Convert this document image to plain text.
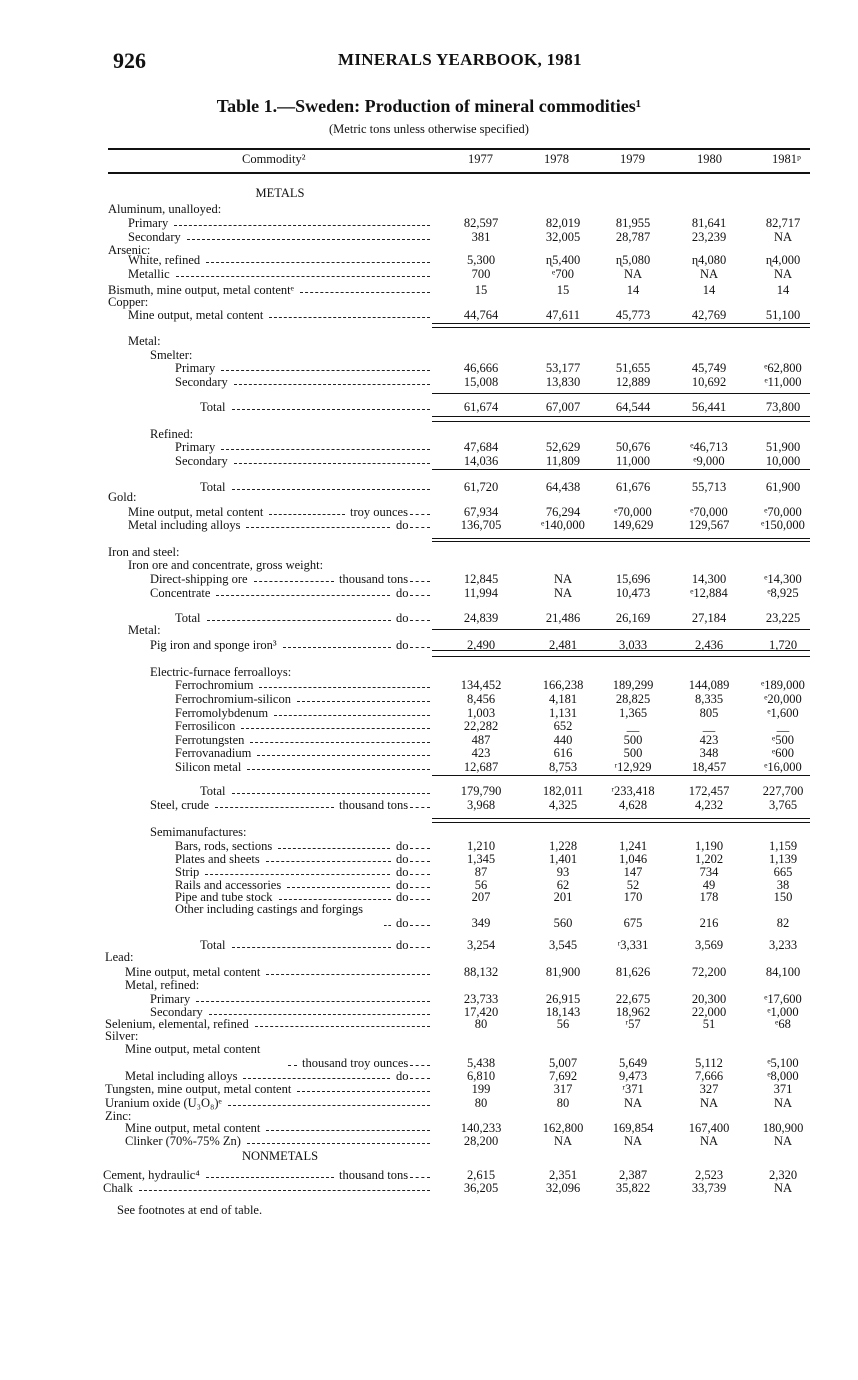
926	MINERALS YEARBOOK, 1981
Table 1.—Sweden: Production of mineral commodities¹
(Metric tons unless otherwise specified)
Commodity²	1977	1978	1979	1980	1981ᵖ
METALS
Aluminum, unalloyed:
Primary	82,597	82,019	81,955	81,641	82,717
Secondary	381	32,005	28,787	23,239	NA
Arsenic:
White, refined	5,300	ɳ5,400	ɳ5,080	ɳ4,080	ɳ4,000
Metallic	700	ᵉ700	NA	NA	NA
Bismuth, mine output, metal contentᵉ	15	15	14	14	14
Copper:
Mine output, metal content	44,764	47,611	45,773	42,769	51,100
Metal:
Smelter:
Primary	46,666	53,177	51,655	45,749	ᵉ62,800
Secondary	15,008	13,830	12,889	10,692	ᵉ11,000
Total	61,674	67,007	64,544	56,441	73,800
Refined:
Primary	47,684	52,629	50,676	ᵉ46,713	51,900
Secondary	14,036	11,809	11,000	ᵉ9,000	10,000
Total	61,720	64,438	61,676	55,713	61,900
Gold:
Mine output, metal content	troy ounces	67,934	76,294	ᵉ70,000	ᵉ70,000	ᵉ70,000
Metal including alloys	do	136,705	ᵉ140,000	149,629	129,567	ᵉ150,000
Iron and steel:
Iron ore and concentrate, gross weight:
Direct-shipping ore	thousand tons	12,845	NA	15,696	14,300	ᵉ14,300
Concentrate	do	11,994	NA	10,473	ᵉ12,884	ᵉ8,925
Total	do	24,839	21,486	26,169	27,184	23,225
Metal:
Pig iron and sponge iron³	do	2,490	2,481	3,033	2,436	1,720
Electric-furnace ferroalloys:
Ferrochromium	134,452	166,238	189,299	144,089	ᵉ189,000
Ferrochromium-silicon	8,456	4,181	28,825	8,335	ᵉ20,000
Ferromolybdenum	1,003	1,131	1,365	805	ᵉ1,600
Ferrosilicon	22,282	652	__	__	__
Ferrotungsten	487	440	500	423	ᵉ500
Ferrovanadium	423	616	500	348	ᵉ600
Silicon metal	12,687	8,753	ʳ12,929	18,457	ᵉ16,000
Total	179,790	182,011	ʳ233,418	172,457	227,700
Steel, crude	thousand tons	3,968	4,325	4,628	4,232	3,765
Semimanufactures:
Bars, rods, sections	do	1,210	1,228	1,241	1,190	1,159
Plates and sheets	do	1,345	1,401	1,046	1,202	1,139
Strip	do	87	93	147	734	665
Rails and accessories	do	56	62	52	49	38
Pipe and tube stock	do	207	201	170	178	150
Other including castings and forgings
do	349	560	675	216	82
Total	do	3,254	3,545	ʳ3,331	3,569	3,233
Lead:
Mine output, metal content	88,132	81,900	81,626	72,200	84,100
Metal, refined:
Primary	23,733	26,915	22,675	20,300	ᵉ17,600
Secondary	17,420	18,143	18,962	22,000	ᵉ1,000
Selenium, elemental, refined	80	56	ʳ57	51	ᵉ68
Silver:
Mine output, metal content
thousand troy ounces	5,438	5,007	5,649	5,112	ᵉ5,100
Metal including alloys	do	6,810	7,692	9,473	7,666	ᵉ8,000
Tungsten, mine output, metal content	199	317	ʳ371	327	371
Uranium oxide (U₃O₈)ᵉ	80	80	NA	NA	NA
Zinc:
Mine output, metal content	140,233	162,800	169,854	167,400	180,900
Clinker (70%-75% Zn)	28,200	NA	NA	NA	NA
NONMETALS
Cement, hydraulic⁴	thousand tons	2,615	2,351	2,387	2,523	2,320
Chalk	36,205	32,096	35,822	33,739	NA
See footnotes at end of table.
